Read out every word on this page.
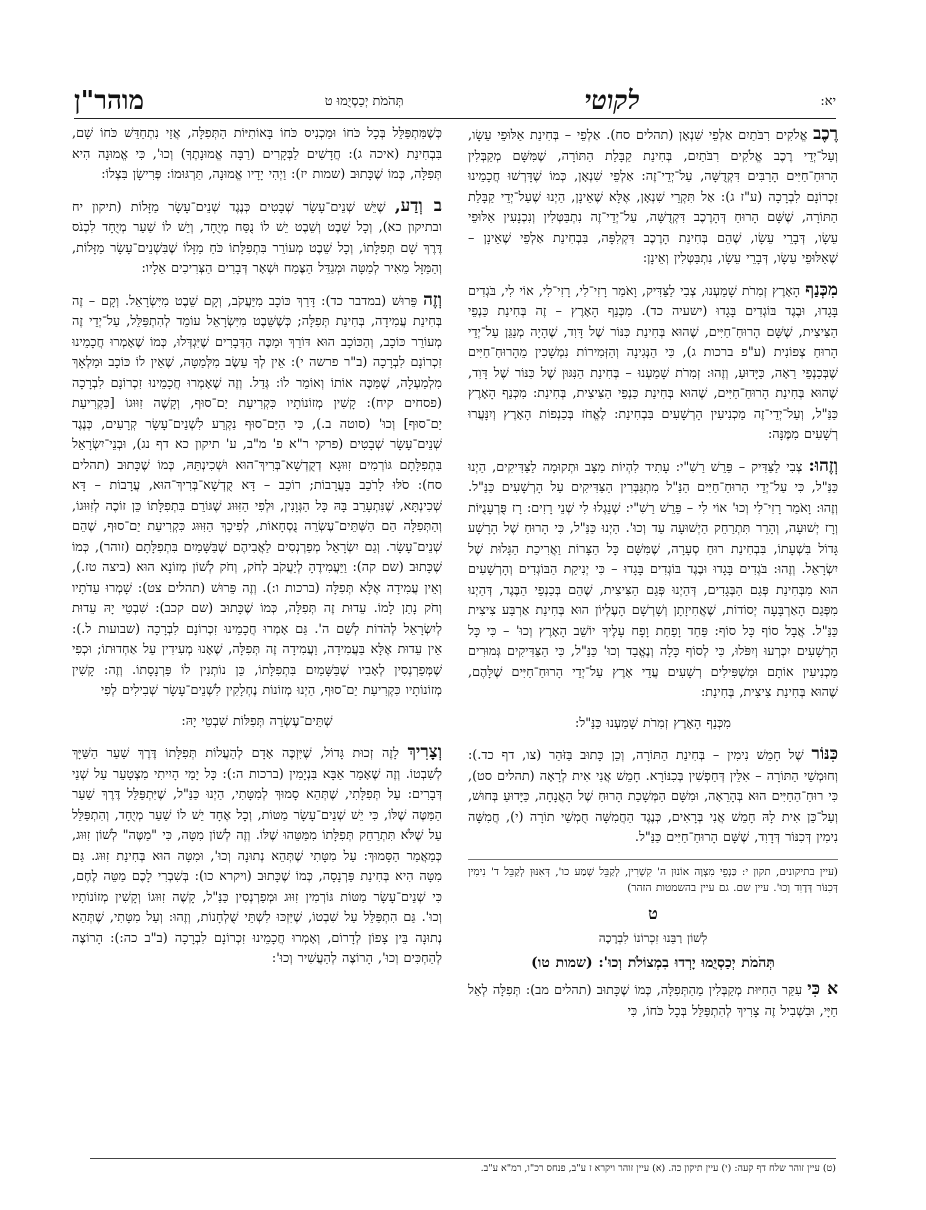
יא:
לקוטי
תְּהֹמֹת יְכַסְיֻמוּ ט
מוהר"ן

רֶכֶב אֱלֹקִים רִבֹּתַיִם אַלְפֵי שִׁנְאָן (תהלים סח). אַלְפֵי – בְּחִינַת אַלּוּפֵי עֵשָׂו, וְעַל־יְדֵי רֶכֶב אֱלֹקִים רִבֹּתַיִם, בְּחִינַת קַבָּלַת הַתּוֹרָה, שֶׁמִּשָּׁם מְקַבְּלִין הָרוּחַ־חַיִּים הָרַבִּים דִּקְדֻשָּׁה, עַל־יְדֵי־זֶה: אַלְפֵי שִׁנְאָן, כְּמוֹ שֶׁדָּרְשׁוּ חֲכָמֵינוּ זִכְרוֹנָם לִבְרָכָה (ע"ז ג): אַל תִּקְרֵי שִׁנְאָן, אֶלָּא שֶׁאֵינָן, הַיְנוּ שֶׁעַל־יְדֵי קַבָּלַת הַתּוֹרָה, שֶׁשָּׁם הָרוּחַ דְּהָרֶכֶב דִּקְדֻשָּׁה, עַל־יְדֵי־זֶה נִתְבַּטְּלִין וְנִכְנָעִין אַלּוּפֵי עֵשָׂו, דְּבָרֵי עֵשָׂו, שֶׁהֵם בְּחִינַת הָרֶכֶב דִּקְלִפָּה, בִּבְחִינַת אַלְפֵי שֶׁאֵינָן – שֶׁאַלּוּפֵי עֵשָׂו, דְּבָרֵי עֵשָׂו, נִתְבַּטְּלִין וְאֵינָן:

מִכְּנַף הָאָרֶץ זְמִרֹת שָׁמַעְנוּ, צְבִי לַצַּדִּיק, וָאֹמַר רָזִי־לִי, רָזִי־לִי, אוֹי לִי, בֹּגְדִים בָּגָדוּ, וּבֶגֶד בּוֹגְדִים בָּגָדוּ (ישעיה כד). מִכְּנַף הָאָרֶץ – זֶה בְּחִינַת כַּנְפֵי הַצִּיצִית, שֶׁשָּׁם הָרוּחַ־חַיִּים, שֶׁהוּא בְּחִינַת כִּנּוֹר שֶׁל דָּוִד, שֶׁהָיָה מְנַגֵּן עַל־יְדֵי הָרוּחַ צְפוֹנִית (ע"פ ברכות ג), כִּי הַנְּגִינָה וְהַזְּמִירוֹת נִמְשָׁכִין מֵהָרוּחַ־חַיִּים שֶׁבְּכַנְפֵי רֵאָה, כַּיָּדוּעַ, וְזֶהוּ: זְמִרֹת שָׁמַעְנוּ – בְּחִינַת הַנִּגּוּן שֶׁל כִּנּוֹר שֶׁל דָּוִד, שֶׁהוּא בְּחִינַת הָרוּחַ־חַיִּים, שֶׁהוּא בְּחִינַת כַּנְפֵי הַצִּיצִית, בְּחִינַת: מִכְּנַף הָאָרֶץ כַּנַּ"ל, וְעַל־יְדֵי־זֶה מַכְנִיעִין הָרְשָׁעִים בִּבְחִינַת: לֶאֱחֹז בְּכַנְפוֹת הָאָרֶץ וְיִנָּעֲרוּ רְשָׁעִים מִמֶּנָּה:

וְזֶהוּ: צְבִי לַצַּדִּיק – פֵּרֵשׁ רַשִׁ"י: עָתִיד לִהְיוֹת מַצָּב וּתְקוּמָה לַצַּדִּיקִים, הַיְנוּ כַּנַּ"ל, כִּי עַל־יְדֵי הָרוּחַ־חַיִּים הַנַּ"ל מִתְגַּבְּרִין הַצַּדִּיקִים עַל הָרְשָׁעִים כַּנַּ"ל. וְזֶהוּ: וָאֹמַר רָזִי־לִי וְכוּ' אוֹי לִי – פֵּרֵשׁ רַשִׁ"י: שְׁנֵגְלוּ לִי שְׁנֵי רָזִים: רָז פֻּרְעָנֻיּוֹת וְרָז יְשׁוּעָה, וְהָרֵר תִּתְרַחֵק הַיְשׁוּעָה עַד וְכוּ'. הַיְנוּ כַּנַּ"ל, כִּי הָרוּחַ שֶׁל הָרָשָׁע גָּדוֹל בִּשְׁעָתוֹ, בִּבְחִינַת רוּחַ סְעָרָה, שֶׁמִּשָּׁם כָּל הַצָּרוֹת וַאֲרִיכַת הַגָּלוּת שֶׁל יִשְׂרָאֵל. וְזֶהוּ: בֹּגְדִים בָּגָדוּ וּבֶגֶד בּוֹגְדִים בָּגָדוּ – כִּי יְנִיקַת הַבּוֹגְדִים וְהָרְשָׁעִים הוּא מִבְּחִינַת פְּגַם הַבְּגָדִים, דְּהַיְנוּ פְּגַם הַצִּיצִית, שֶׁהֵם בְּכַנְפֵי הַבֶּגֶד, דְּהַיְנוּ מִפְּגַם הָאַרְבָּעָה יְסוֹדוֹת, שֶׁאֲחִיזָתָן וְשָׁרְשָׁם הָעֶלְיוֹן הוּא בְּחִינַת אַרְבַּע צִיצִית כַּנַּ"ל. אֲבָל סוֹף כָּל סוֹף: פַּחַד וָפַחַת וָפָח עָלֶיךָ יוֹשֵׁב הָאָרֶץ וְכוּ' – כִּי כָּל הָרְשָׁעִים יִכְרְעוּ וְיִפֹּלוּ, כִּי לְסוֹף כָּלָה וְנֶאֱבַד וְכוּ' כַּנַּ"ל, כִּי הַצַּדִּיקִים גְּמוּרִים מַכְנִיעִין אוֹתָם וּמַשְׁפִּילִים רְשָׁעִים עֲדֵי אָרֶץ עַל־יְדֵי הָרוּחַ־חַיִּים שֶׁלָּהֶם, שֶׁהוּא בְּחִינַת צִיצִית, בְּחִינַת:

מִכְּנַף הָאָרֶץ זְמִרֹת שָׁמַעְנוּ כַּנַּ"ל:

כִּנּוֹר שֶׁל חָמֵשׁ נִימִין – בְּחִינַת הַתּוֹרָה, וְכֵן כָּתוּב בַּזֹּהַר (צו, דף כד.): וְחוּמְשֵׁי הַתּוֹרָה – אִלֵּין דְּחַפְשִׁין בְּכִנּוֹרָא. חָמֵשׁ אֲנִי אִית לְרָאָה (תהלים סט), כִּי רוּחַ־הַחַיִּים הוּא בְּהָרֵאָה, וּמִשָּׁם הַמְּשָׁכַת הָרוּחַ שֶׁל הָאֲנָחָה, כַּיָּדוּעַ בְּחוּשׁ, וְעַל־כֵּן אִית לָהּ חָמֵשׁ אֲנִי בְּרָאִים, כְּנֶגֶד הַחֲמִשָּׁה חֻמְשֵׁי תוֹרָה (י), חֲמִשָּׁה נִימִין דְּכִנּוֹר דְּדָוִד, שֶׁשָּׁם הָרוּחַ־חַיִּים כַּנַּ"ל.

(עיין בתיקונים, תקון י: כַּנְפֵי מִצְוָה אוֹנוּן ה' קִשְׁרִין, לְקַבֵּל שְׁמַע כו', דְּאִנּוּן לְקַבֵּל ד' נִימִין דְּכִנּוֹר דְּדָוִד וְכוּ'. עיין שם. גם עיין בהשמטות הזהר)
ט
לְשׁוֹן רַבֵּנוּ זִכְרוֹנוֹ לִבְרָכָה
תְּהֹמֹת יְכַסְיֻמוּ יָרְדוּ בִמְצוֹלֹת וְכוּ': (שמות טו)

א כִּי עִקַּר הַחִיּוּת מְקַבְּלִין מֵהַתְּפִלָּה, כְּמוֹ שֶׁכָּתוּב (תהלים מב): תְּפִלָּה לְאֵל חַיָּי, וּבִשְׁבִיל זֶה צָרִיךְ לְהִתְפַּלֵּל בְּכָל כֹּחוֹ, כִּי

כְּשֶׁמִּתְפַּלֵּל בְּכָל כֹּחוֹ וּמַכְנִיס כֹּחוֹ בָּאוֹתִיּוֹת הַתְּפִלָּה, אֲזַי נִתְחַדֵּשׁ כֹּחוֹ שָׁם, בִּבְחִינַת (איכה ג): חֲדָשִׁים לַבְּקָרִים (רַבָּה אֱמוּנָתֶךָ) וְכוּ', כִּי אֱמוּנָה הִיא תְּפִלָּה, כְּמוֹ שֶׁכָּתוּב (שמות יז): וַיְהִי יָדָיו אֱמוּנָה, תַּרְגּוּמוֹ: פְּרִישָׂן בִּצְלוֹ:

ב וְדַע, שֶׁיֵּשׁ שְׁנֵים־עָשָׂר שְׁבָטִים כְּנֶגֶד שְׁנֵים־עָשָׂר מַזָּלוֹת (תיקון יח ובתיקון כא), וְכָל שֵׁבֶט וְשֵׁבֶט יֵשׁ לוֹ נֻסַּח מְיֻחָד, וְיֵשׁ לוֹ שַׁעַר מְיֻחָד לִכְנֹס דֶּרֶךְ שָׁם תְּפִלָּתוֹ, וְכָל שֵׁבֶט מְעוֹרֵר בִּתְפִלָּתוֹ כֹּחַ מַזָּלוֹ שֶׁבִּשְׁנֵים־עָשָׂר מַזָּלוֹת, וְהַמַּזָּל מֵאִיר לְמַטָּה וּמְגַדֵּל הַצֶּמַח וּשְׁאָר דְּבָרִים הַצְּרִיכִים אֵלָיו:

וְזֶה פֵּרוּשׁ (במדבר כד): דָּרַךְ כּוֹכָב מִיַּעֲקֹב, וְקָם שֵׁבֶט מִיִּשְׂרָאֵל. וְקָם – זֶה בְּחִינַת עֲמִידָה, בְּחִינַת תְּפִלָּה; כְּשֶׁשֵּׁבֶט מִיִּשְׂרָאֵל עוֹמֵד לְהִתְפַּלֵּל, עַל־יְדֵי זֶה מְעוֹרֵר כּוֹכָב, וְהַכּוֹכָב הוּא דּוֹרֵךְ וּמַכֶּה הַדְּבָרִים שֶׁיִּגְדְּלוּ, כְּמוֹ שֶׁאָמְרוּ חֲכָמֵינוּ זִכְרוֹנָם לִבְרָכָה (ב"ר פרשה י): אֵין לְךָ עֵשֶׂב מִלְּמַטָּה, שֶׁאֵין לוֹ כּוֹכָב וּמַלְאָךְ מִלְמַעְלָה, שֶׁמַּכֶּה אוֹתוֹ וְאוֹמֵר לוֹ: גְּדַל. וְזֶה שֶׁאָמְרוּ חֲכָמֵינוּ זִכְרוֹנָם לִבְרָכָה (פסחים קיח): קָשִׁין מְזוֹנוֹתָיו כִּקְרִיעַת יַם־סוּף, וְקָשֶׁה זִוּוּגוֹ [כִּקְרִיעַת יַם־סוּף] וְכוּ' (סוטה ב.), כִּי הַיַּם־סוּף נִקְרַע לִשְׁנֵים־עָשָׂר קְרָעִים, כְּנֶגֶד שְׁנֵים־עָשָׂר שְׁבָטִים (פרקי ר"א פ' מ"ב, ע' תיקון כא דף נג), וּבְנֵי־יִשְׂרָאֵל בִּתְפִלָּתָם גּוֹרְמִים זִוּוּגָא דְקֻדְשָׁא־בְּרִיךְ־הוּא וּשְׁכִינְתֵּהּ, כְּמוֹ שֶׁכָּתוּב (תהלים סח): סֹלּוּ לָרֹכֵב בָּעֲרָבוֹת; רוֹכֵב – דָּא קֻדְשָׁא־בְּרִיךְ־הוּא, עֲרָבוֹת – דָּא שְׁכִינְתָּא, שֶׁנִּתְעָרֵב בָּהּ כָּל הַגְּוָנִין, וּלְפִי הַזִּוּוּג שֶׁגּוֹרֵם בִּתְפִלָּתוֹ כֵּן זוֹכֶה לְזִוּוּגוֹ, וְהַתְּפִלָּה הֵם הַשְּׁתֵּים־עֶשְׂרֵה נֻסְחָאוֹת, לְפִיכָךְ הַזִּוּוּג כִּקְרִיעַת יַם־סוּף, שֶׁהֵם שְׁנֵים־עָשָׂר. וְגַם יִשְׂרָאֵל מְפַרְנְסִים לַאֲבִיהֶם שֶׁבַּשָּׁמַיִם בִּתְפִלָּתָם (זוהר), כְּמוֹ שֶׁכָּתוּב (שם קה): וַיַּעֲמִידֶהָ לְיַעֲקֹב לְחֹק, וְחֹק לְשׁוֹן מְזוֹנָא הוּא (ביצה טז.), וְאֵין עֲמִידָה אֶלָּא תְּפִלָּה (ברכות ו:). וְזֶה פֵּרוּשׁ (תהלים צט): שָׁמְרוּ עֵדֹתָיו וְחֹק נָתַן לָמוֹ. עֵדוּת זֶה תְּפִלָּה, כְּמוֹ שֶׁכָּתוּב (שם קכב): שִׁבְטֵי יָהּ עֵדוּת לְיִשְׂרָאֵל לְהֹדוֹת לְשֵׁם ה'. גַּם אָמְרוּ חֲכָמֵינוּ זִכְרוֹנָם לִבְרָכָה (שבועות ל.): אֵין עֵדוּת אֶלָּא בַּעֲמִידָה, וַעֲמִידָה זֶה תְּפִלָּה, שֶׁאָנוּ מְעִידִין עַל אַחְדוּתוֹ; וּכְפִי שֶׁמְּפַרְנְסִין לְאָבִיו שֶׁבַּשָּׁמַיִם בִּתְפִלָּתוֹ, כֵּן נוֹתְנִין לוֹ פַּרְנָסָתוֹ. וְזֶה: קָשִׁין מְזוֹנוֹתָיו כִּקְרִיעַת יַם־סוּף, הַיְנוּ מְזוֹנוֹת נֶחְלָקִין לִשְׁנֵים־עָשָׂר שְׁבִילִים לְפִי

שְׁתֵּים־עֶשְׂרֵה תְּפִלּוֹת שִׁבְטֵי יָהּ:

וְצָרִיךְ לָזֶה זְכוּת גָּדוֹל, שֶׁיִּזְכֶּה אָדָם לְהַעֲלוֹת תְּפִלָּתוֹ דֶּרֶךְ שַׁעַר הַשַּׁיָּךְ לְשִׁבְטוֹ. וְזֶה שֶׁאָמַר אַבָּא בִּנְיָמִין (ברכות ה:): כָּל יָמַי הָיִיתִי מִצְטָעֵר עַל שְׁנֵי דְּבָרִים: עַל תְּפִלָּתִי, שֶׁתְּהֵא סָמוּךְ לְמִטָּתִי, הַיְנוּ כַּנַּ"ל, שֶׁיִּתְפַּלֵּל דֶּרֶךְ שַׁעַר הַמַּטֶּה שֶׁלּוֹ, כִּי יֵשׁ שְׁנֵים־עָשָׂר מַטּוֹת, וְכָל אֶחָד יֵשׁ לוֹ שַׁעַר מְיֻחָד, וְהִתְפַּלֵּל עַל שֶׁלֹּא תִּתְרַחֵק תְּפִלָּתוֹ מִמַּטֵּהוּ שֶׁלּוֹ. וְזֶה לְשׁוֹן מִטָּה, כִּי "מַטֶּה" לְשׁוֹן זִוּוּג, כְּמַאֲמַר הַסָּמוּךְ: עַל מִטָּתִי שֶׁתְּהֵא נְתוּנָה וְכוּ', וּמִטָּה הוּא בְּחִינַת זִוּוּג. גַּם מִטָּה הִיא בְּחִינַת פַּרְנָסָה, כְּמוֹ שֶׁכָּתוּב (ויקרא כו): בְּשִׁבְרִי לָכֶם מַטֵּה לֶחֶם, כִּי שְׁנֵים־עָשָׂר מַטּוֹת גּוֹרְמִין זִוּוּג וּמְפַרְנְסִין כַּנַּ"ל, קָשֶׁה זִוּוּגוֹ וְקָשִׁין מְזוֹנוֹתָיו וְכוּ'. גַּם הִתְפַּלֵּל עַל שִׁבְטוֹ, שֶׁיִּזְכּוּ לִשְׁתֵּי שֻׁלְחָנוֹת, וְזֶהוּ: וְעַל מִטָּתִי, שֶׁתְּהֵא נְתוּנָה בֵּין צָפוֹן לְדָרוֹם, וְאָמְרוּ חֲכָמֵינוּ זִכְרוֹנָם לִבְרָכָה (ב"ב כה:): הָרוֹצֶה לְהַחְכִּים וְכוּ', הָרוֹצֶה לְהַעֲשִׁיר וְכוּ':

(ט) עיין זוהר שלח דף קעה: (י) עיין תיקון כה. (א) עיין זוהר ויקרא ז ע"ב, פנחס רכ"ו, רמ"א ע"ב.
